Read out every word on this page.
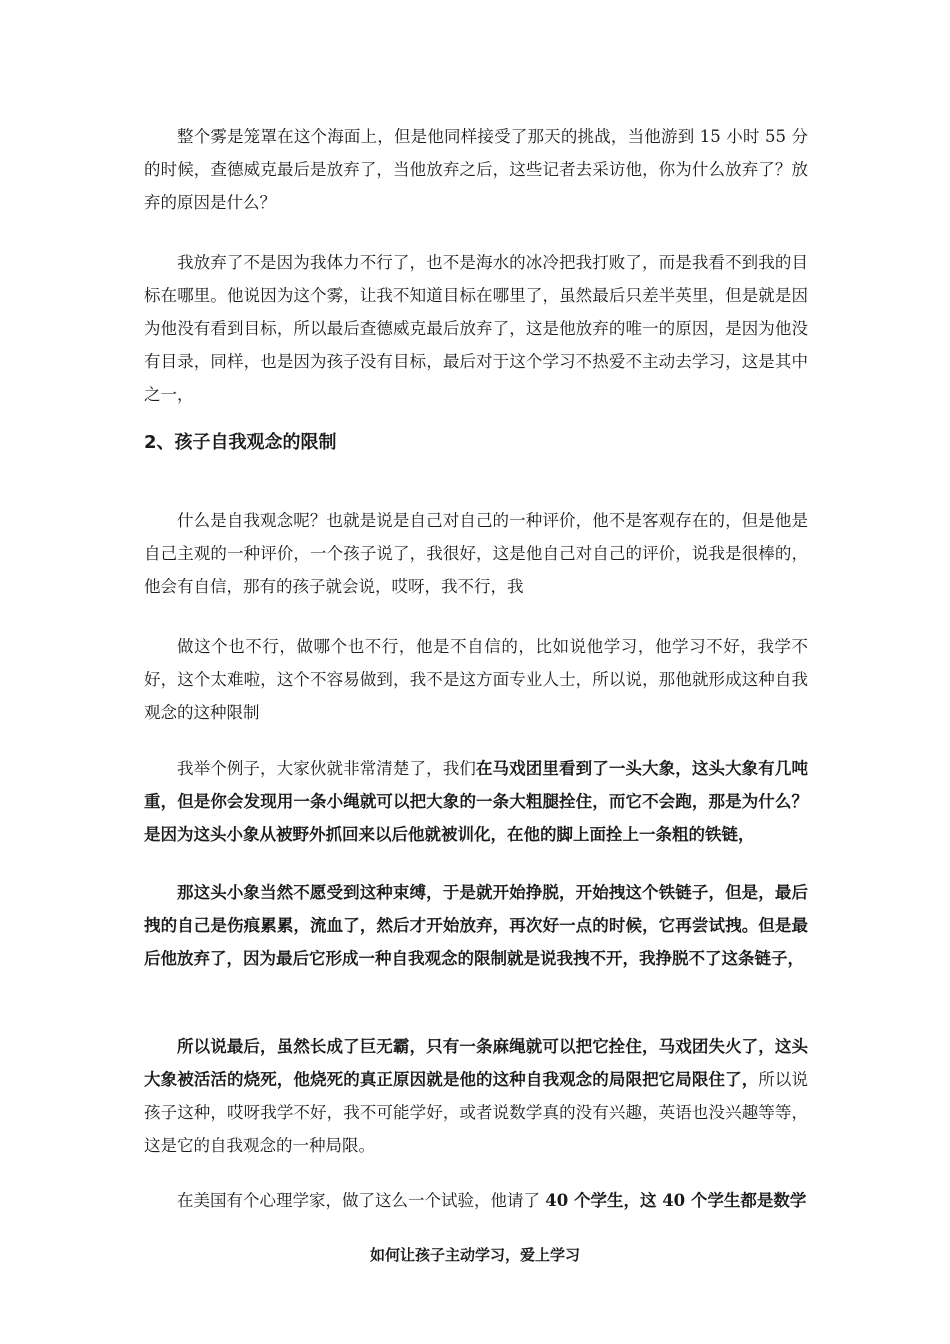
整个雾是笼罩在这个海面上，但是他同样接受了那天的挑战，当他游到 15 小时 55 分的时候，查德威克最后是放弃了，当他放弃之后，这些记者去采访他，你为什么放弃了？放弃的原因是什么？

我放弃了不是因为我体力不行了，也不是海水的冰冷把我打败了，而是我看不到我的目标在哪里。他说因为这个雾，让我不知道目标在哪里了，虽然最后只差半英里，但是就是因为他没有看到目标，所以最后查德威克最后放弃了，这是他放弃的唯一的原因，是因为他没有目录，同样，也是因为孩子没有目标，最后对于这个学习不热爱不主动去学习，这是其中之一，

2、孩子自我观念的限制

什么是自我观念呢？也就是说是自己对自己的一种评价，他不是客观存在的，但是他是自己主观的一种评价，一个孩子说了，我很好，这是他自己对自己的评价，说我是很棒的，他会有自信，那有的孩子就会说，哎呀，我不行，我

做这个也不行，做哪个也不行，他是不自信的，比如说他学习，他学习不好，我学不好，这个太难啦，这个不容易做到，我不是这方面专业人士，所以说，那他就形成这种自我观念的这种限制

我举个例子，大家伙就非常清楚了，我们在马戏团里看到了一头大象，这头大象有几吨重，但是你会发现用一条小绳就可以把大象的一条大粗腿拴住，而它不会跑，那是为什么？是因为这头小象从被野外抓回来以后他就被训化，在他的脚上面拴上一条粗的铁链，

那这头小象当然不愿受到这种束缚，于是就开始挣脱，开始拽这个铁链子，但是，最后拽的自己是伤痕累累，流血了，然后才开始放弃，再次好一点的时候，它再尝试拽。但是最后他放弃了，因为最后它形成一种自我观念的限制就是说我拽不开，我挣脱不了这条链子，

所以说最后，虽然长成了巨无霸，只有一条麻绳就可以把它拴住，马戏团失火了，这头大象被活活的烧死，他烧死的真正原因就是他的这种自我观念的局限把它局限住了，所以说孩子这种，哎呀我学不好，我不可能学好，或者说数学真的没有兴趣，英语也没兴趣等等，这是它的自我观念的一种局限。

在美国有个心理学家，做了这么一个试验，他请了 40 个学生，这 40 个学生都是数学

如何让孩子主动学习，爱上学习
